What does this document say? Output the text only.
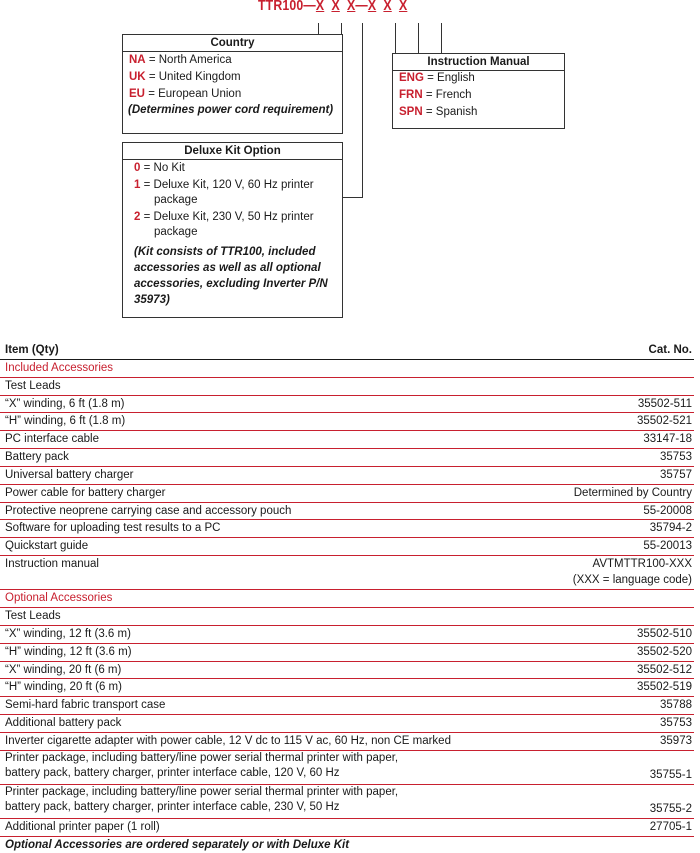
TTR100—X X X—X X X
Country
NA = North America
UK = United Kingdom
EU = European Union
(Determines power cord requirement)
Instruction Manual
ENG = English
FRN = French
SPN = Spanish
Deluxe Kit Option
0 = No Kit
1 = Deluxe Kit, 120 V, 60 Hz printer
package
2 = Deluxe Kit, 230 V, 50 Hz printer
package
(Kit consists of TTR100, included
accessories as well as all optional
accessories, excluding Inverter P/N
35973)
Item (Qty)	Cat. No.
Included Accessories
Test Leads
“X” winding, 6 ft (1.8 m)	35502-511
“H” winding, 6 ft (1.8 m)	35502-521
PC interface cable	33147-18
Battery pack	35753
Universal battery charger	35757
Power cable for battery charger	Determined by Country
Protective neoprene carrying case and accessory pouch	55-20008
Software for uploading test results to a PC	35794-2
Quickstart guide	55-20013
Instruction manual	AVTMTTR100-XXX
(XXX = language code)
Optional Accessories
Test Leads
“X” winding, 12 ft (3.6 m)	35502-510
“H” winding, 12 ft (3.6 m)	35502-520
“X” winding, 20 ft (6 m)	35502-512
“H” winding, 20 ft (6 m)	35502-519
Semi-hard fabric transport case	35788
Additional battery pack	35753
Inverter cigarette adapter with power cable, 12 V dc to 115 V ac, 60 Hz, non CE marked	35973
Printer package, including battery/line power serial thermal printer with paper,
battery pack, battery charger, printer interface cable, 120 V, 60 Hz	35755-1
Printer package, including battery/line power serial thermal printer with paper,
battery pack, battery charger, printer interface cable, 230 V, 50 Hz	35755-2
Additional printer paper (1 roll)	27705-1
Optional Accessories are ordered separately or with Deluxe Kit
